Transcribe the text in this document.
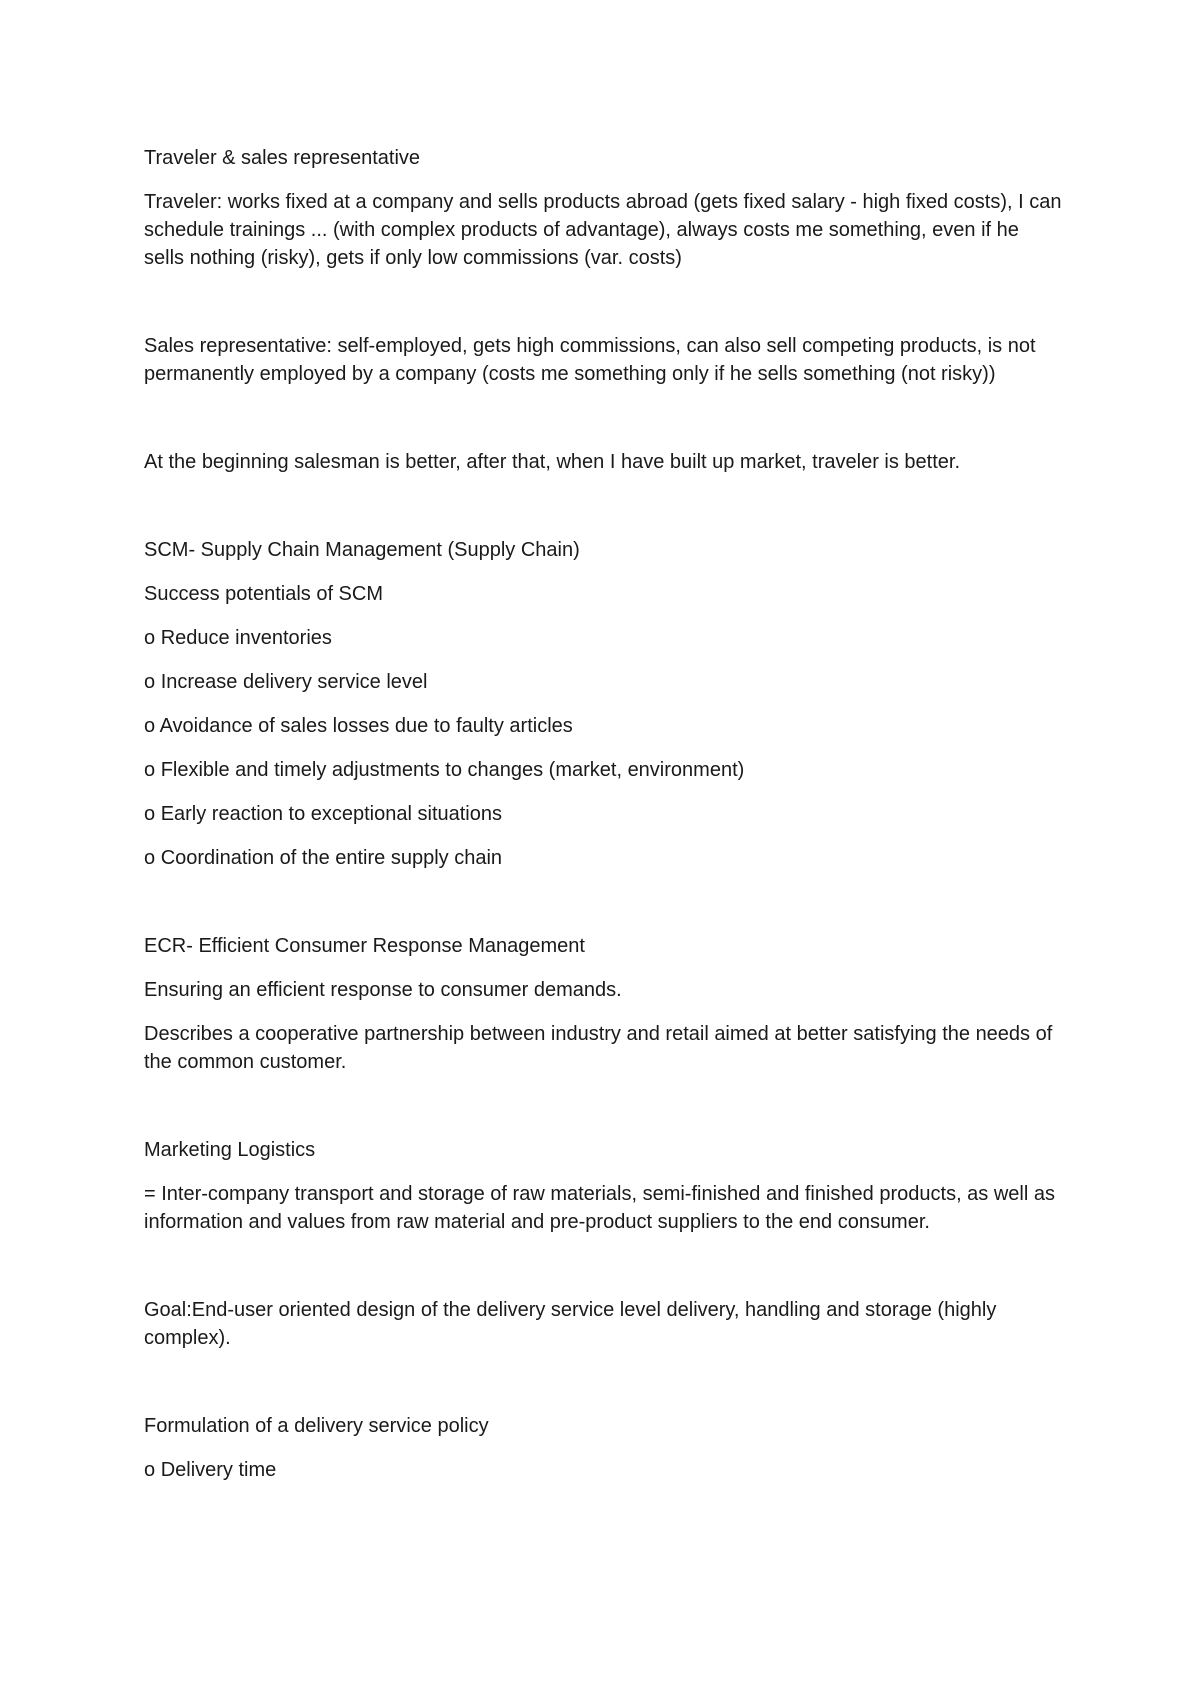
Traveler & sales representative

Traveler: works fixed at a company and sells products abroad (gets fixed salary - high fixed costs), I can schedule trainings ... (with complex products of advantage), always costs me something, even if he sells nothing (risky), gets if only low commissions (var. costs)

Sales representative: self-employed, gets high commissions, can also sell competing products, is not permanently employed by a company (costs me something only if he sells something (not risky))

At the beginning salesman is better, after that, when I have built up market, traveler is better.

SCM- Supply Chain Management (Supply Chain)

Success potentials of SCM

o Reduce inventories

o Increase delivery service level

o Avoidance of sales losses due to faulty articles

o Flexible and timely adjustments to changes (market, environment)

o Early reaction to exceptional situations

o Coordination of the entire supply chain

ECR- Efficient Consumer Response Management

Ensuring an efficient response to consumer demands.

Describes a cooperative partnership between industry and retail aimed at better satisfying the needs of the common customer.

Marketing Logistics

= Inter-company transport and storage of raw materials, semi-finished and finished products, as well as information and values from raw material and pre-product suppliers to the end consumer.

Goal:End-user oriented design of the delivery service level delivery, handling and storage (highly complex).

Formulation of a delivery service policy

o Delivery time
